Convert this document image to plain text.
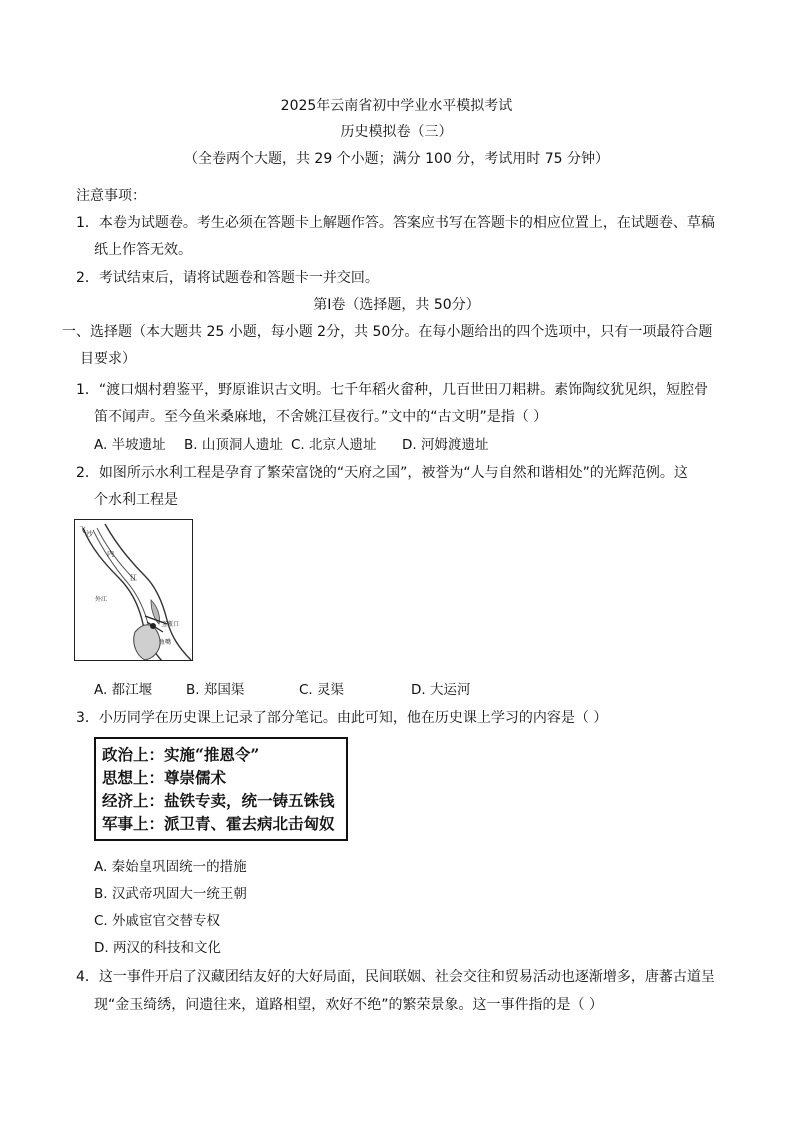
2025年云南省初中学业水平模拟考试
历史模拟卷（三）
（全卷两个大题，共 29 个小题；满分 100 分，考试用时 75 分钟）
注意事项：
1．本卷为试题卷。考生必须在答题卡上解题作答。答案应书写在答题卡的相应位置上，在试题卷、草稿
纸上作答无效。
2．考试结束后，请将试题卷和答题卡一并交回。
第Ⅰ卷（选择题，共 50分）
一、选择题（本大题共 25 小题，每小题 2分，共 50分。在每小题给出的四个选项中，只有一项最符合题
目要求）
1．“渡口烟村碧鉴平，野原谁识古文明。七千年稻火畲种，几百世田刀耜耕。素饰陶纹犹见织，短腔骨
笛不闻声。至今鱼米桑麻地，不舍姚江昼夜行。”文中的“古文明”是指（ ）
A. 半坡遗址 B. 山顶洞人遗址 C. 北京人遗址 D. 河姆渡遗址
2．如图所示水利工程是孕育了繁荣富饶的“天府之国”，被誉为“人与自然和谐相处”的光辉范例。这
个水利工程是
飞 沙
内
江
宝瓶口
鱼嘴
外江
A. 都江堰	B. 郑国渠	C. 灵渠	D. 大运河
3．小历同学在历史课上记录了部分笔记。由此可知，他在历史课上学习的内容是（ ）
政治上：实施“推恩令”
思想上：尊崇儒术
经济上：盐铁专卖，统一铸五铢钱
军事上：派卫青、霍去病北击匈奴
A. 秦始皇巩固统一的措施
B. 汉武帝巩固大一统王朝
C. 外戚宦官交替专权
D. 两汉的科技和文化
4．这一事件开启了汉藏团结友好的大好局面，民间联姻、社会交往和贸易活动也逐渐增多，唐蕃古道呈
现“金玉绮绣，问遗往来，道路相望，欢好不绝”的繁荣景象。这一事件指的是（ ）
